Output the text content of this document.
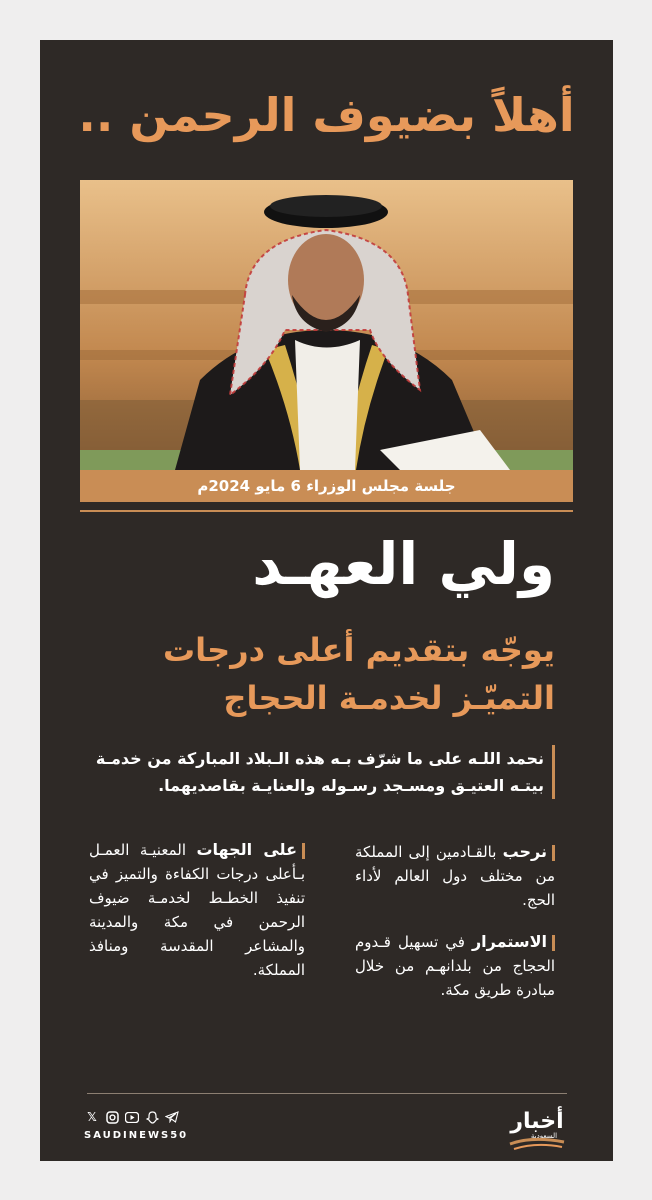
أهلاً بضيوف الرحمن ..
جلسة مجلس الوزراء 6 مايو 2024م
ولي العهـد
يوجّه بتقديم أعلى درجات
التميّـز لخدمـة الحجاج
نحمد اللـه على ما شرّف بـه هذه الـبلاد المباركة من خدمـة بيتـه العتيـق ومسـجد رسـوله والعنايـة بقاصديهما.

نرحب بالقـادمين إلى المملكة من مختلف دول العالم لأداء الحج.

الاستمرار في تسهيل قـدوم الحجاج من بلدانهـم من خلال مبادرة طريق مكة.

على الجهات المعنيـة العمـل بـأعلى درجات الكفاءة والتميز في تنفيذ الخطـط لخدمـة ضيوف الرحمن في مكة والمدينة والمشاعر المقدسة ومنافذ المملكة.

𝕏
SAUDINEWS50
أخبار
السعودية
